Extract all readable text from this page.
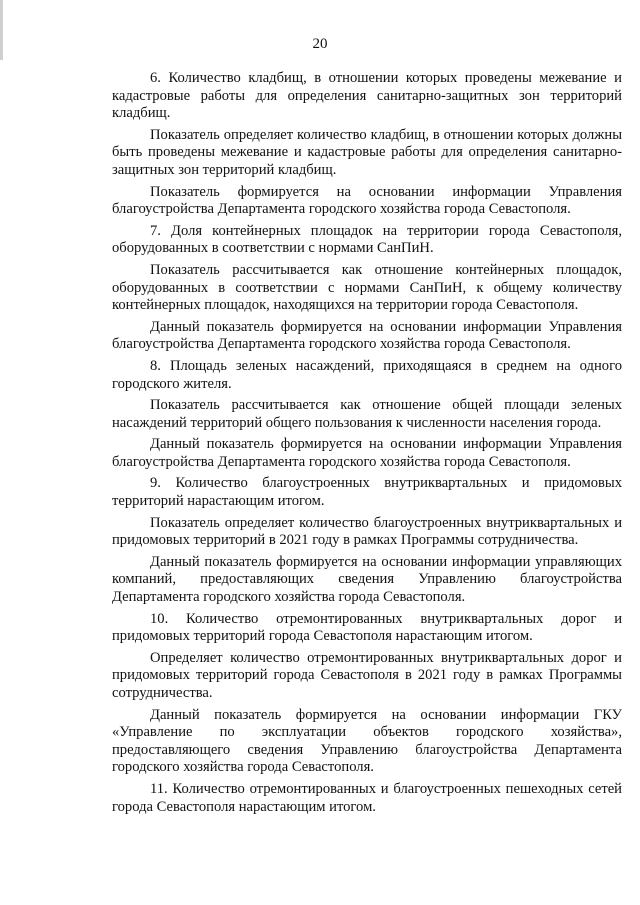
20

6. Количество кладбищ, в отношении которых проведены межевание и кадастровые работы для определения санитарно-защитных зон территорий кладбищ.

Показатель определяет количество кладбищ, в отношении которых должны быть проведены межевание и кадастровые работы для определения санитарно-защитных зон территорий кладбищ.

Показатель формируется на основании информации Управления благоустройства Департамента городского хозяйства города Севастополя.

7. Доля контейнерных площадок на территории города Севастополя, оборудованных в соответствии с нормами СанПиН.

Показатель рассчитывается как отношение контейнерных площадок, оборудованных в соответствии с нормами СанПиН, к общему количеству контейнерных площадок, находящихся на территории города Севастополя.

Данный показатель формируется на основании информации Управления благоустройства Департамента городского хозяйства города Севастополя.

8. Площадь зеленых насаждений, приходящаяся в среднем на одного городского жителя.

Показатель рассчитывается как отношение общей площади зеленых насаждений территорий общего пользования к численности населения города.

Данный показатель формируется на основании информации Управления благоустройства Департамента городского хозяйства города Севастополя.

9. Количество благоустроенных внутриквартальных и придомовых территорий нарастающим итогом.

Показатель определяет количество благоустроенных внутриквартальных и придомовых территорий в 2021 году в рамках Программы сотрудничества.

Данный показатель формируется на основании информации управляющих компаний, предоставляющих сведения Управлению благоустройства Департамента городского хозяйства города Севастополя.

10. Количество отремонтированных внутриквартальных дорог и придомовых территорий города Севастополя нарастающим итогом.

Определяет количество отремонтированных внутриквартальных дорог и придомовых территорий города Севастополя в 2021 году в рамках Программы сотрудничества.

Данный показатель формируется на основании информации ГКУ «Управление по эксплуатации объектов городского хозяйства», предоставляющего сведения Управлению благоустройства Департамента городского хозяйства города Севастополя.

11. Количество отремонтированных и благоустроенных пешеходных сетей города Севастополя нарастающим итогом.
